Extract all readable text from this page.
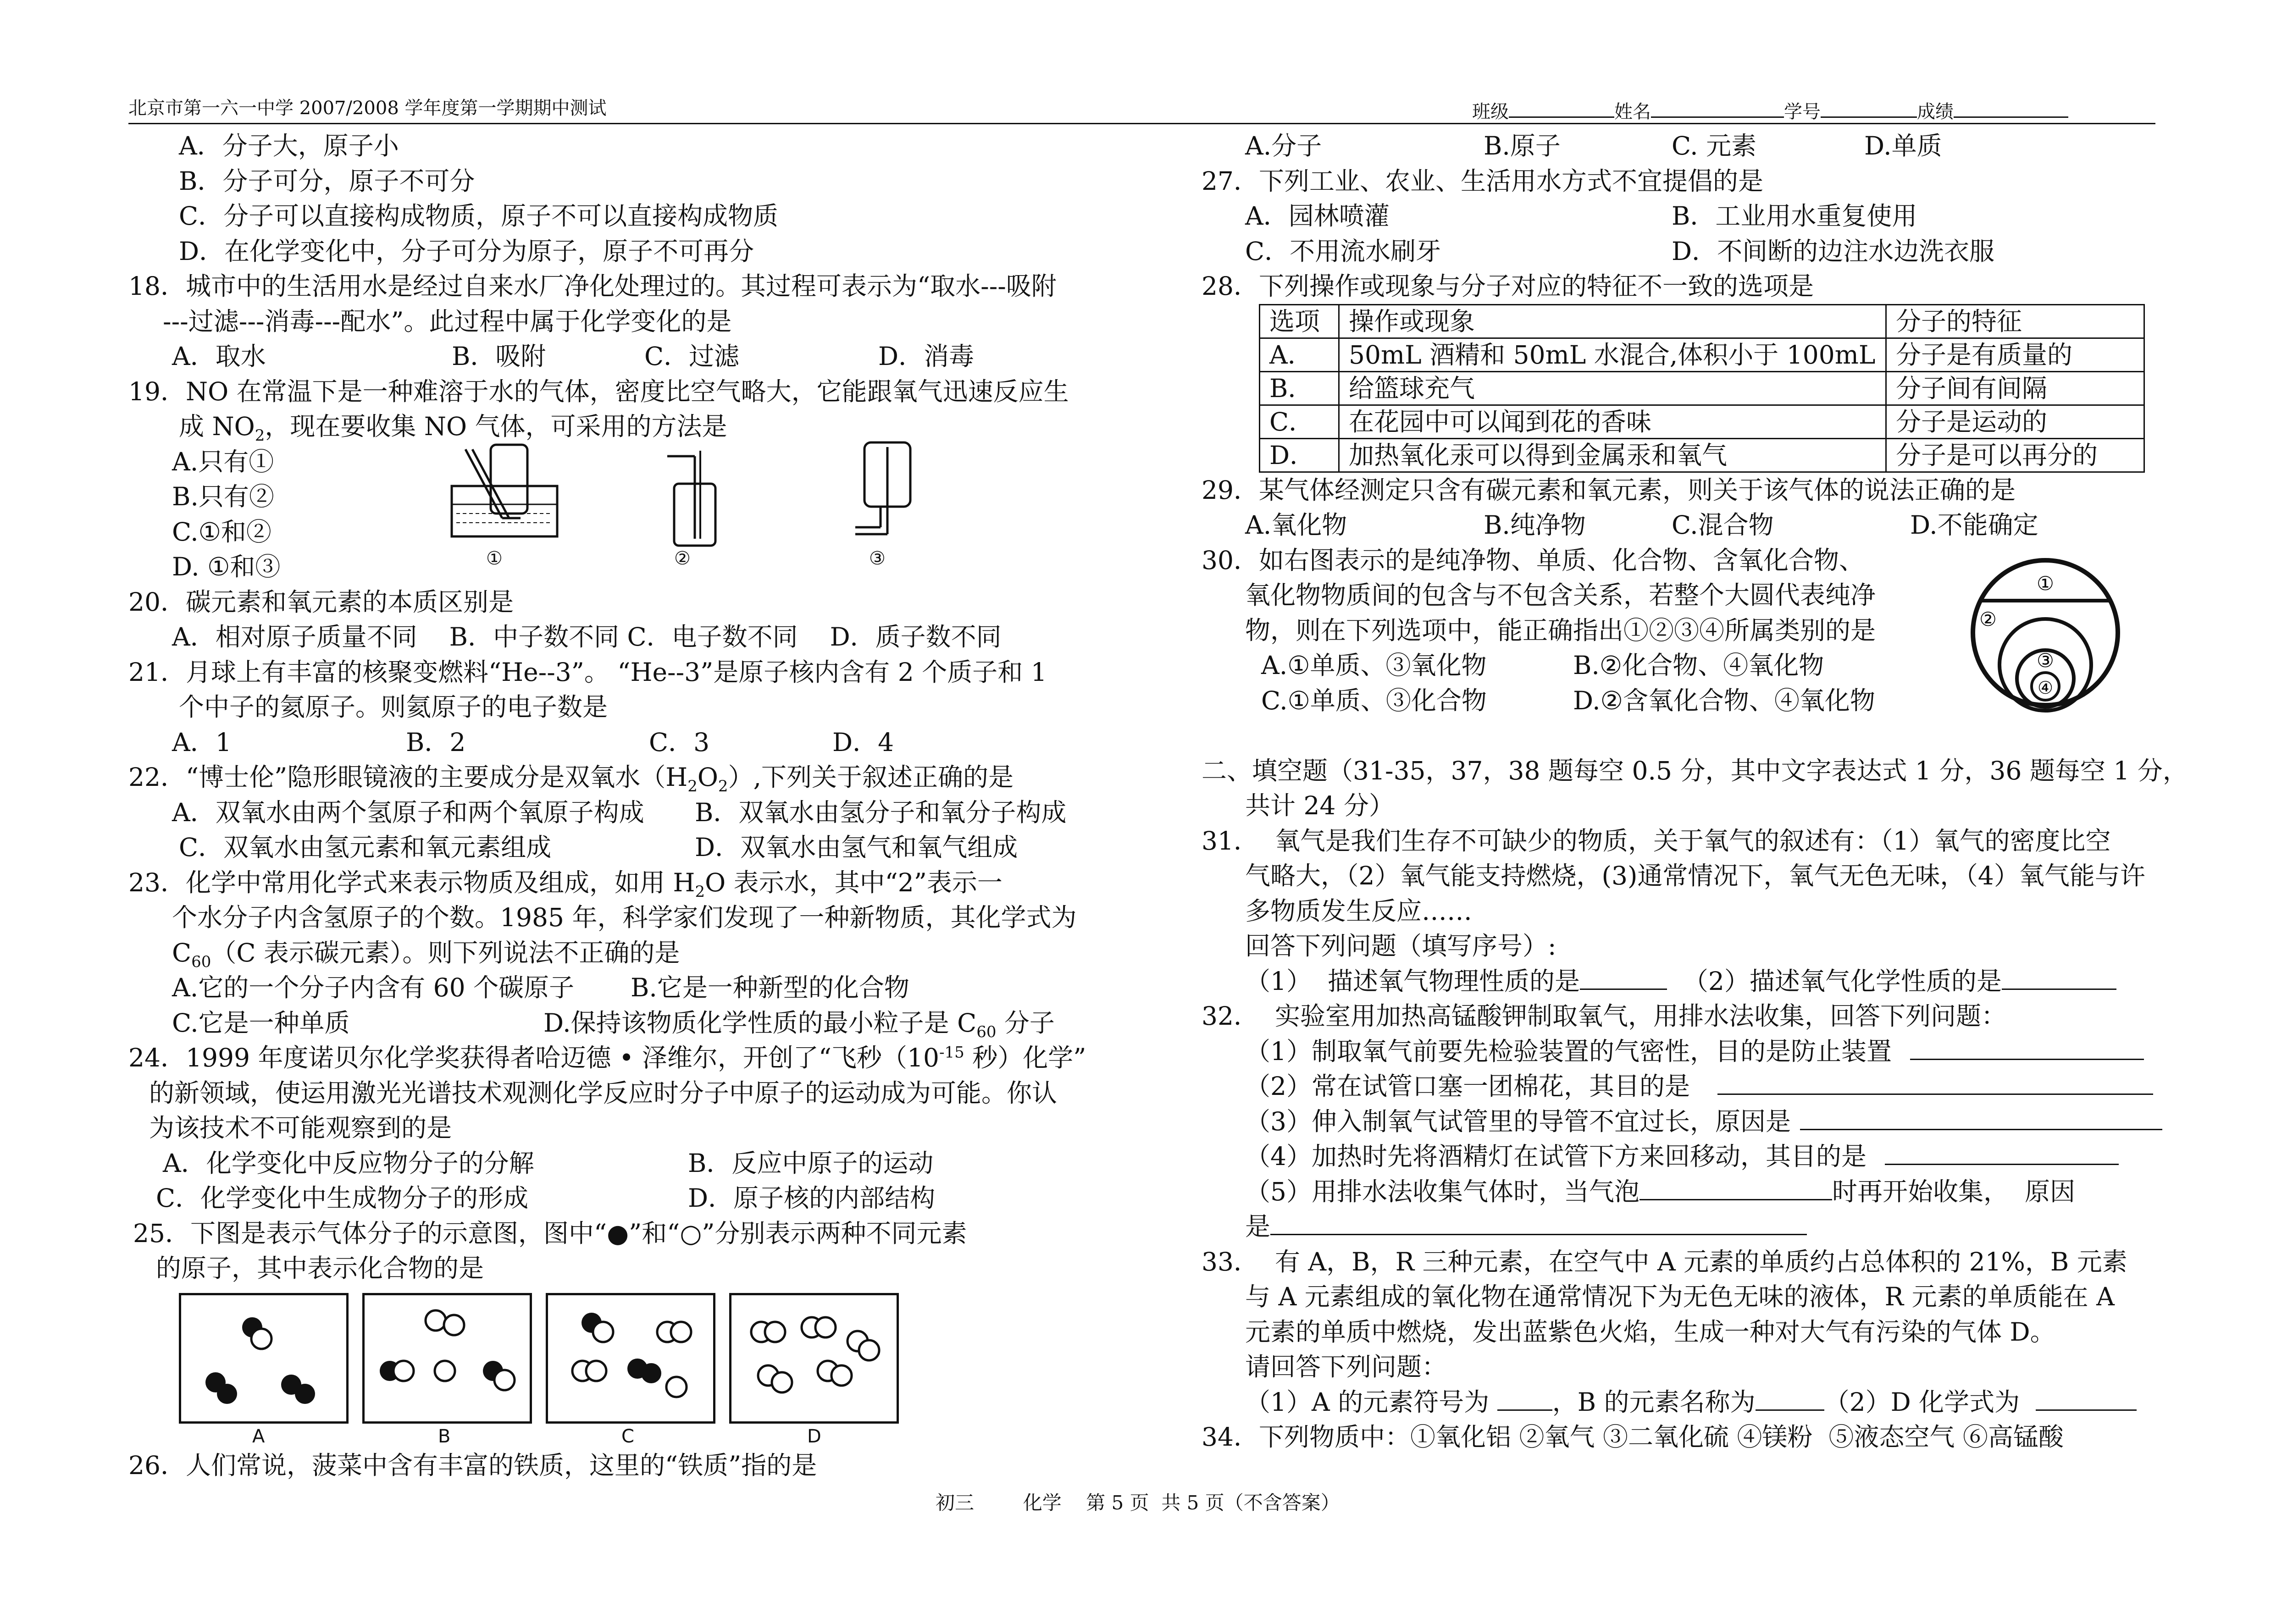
北京市第一六一中学 2007/2008 学年度第一学期期中测试	班级	姓名	学号	成绩
A．分子大，原子小
B．分子可分，原子不可分
C．分子可以直接构成物质，原子不可以直接构成物质
D．在化学变化中，分子可分为原子，原子不可再分
18．城市中的生活用水是经过自来水厂净化处理过的。其过程可表示为“取水---吸附
---过滤---消毒---配水”。此过程中属于化学变化的是
A．取水	B．吸附	C．过滤	D．消毒
19．NO 在常温下是一种难溶于水的气体，密度比空气略大，它能跟氧气迅速反应生
成 $NO_2$，现在要收集 NO 气体，可采用的方法是
A.只有①
B.只有②
C.①和②
D. ①和③
20．碳元素和氧元素的本质区别是
A．相对原子质量不同    B．中子数不同 C．电子数不同    D．质子数不同
21．月球上有丰富的核聚变燃料“He--3”。 “He--3”是原子核内含有 2 个质子和 1
个中子的氦原子。则氦原子的电子数是
A．1	B．2	C．3	D．4
22．“博士伦”隐形眼镜液的主要成分是双氧水$(H_2O_2)$,下列关于叙述正确的是
A．双氧水由两个氢原子和两个氧原子构成	B．双氧水由氢分子和氧分子构成
C．双氧水由氢元素和氧元素组成	D．双氧水由氢气和氧气组成
23．化学中常用化学式来表示物质及组成，如用 $H_2O$ 表示水，其中“2”表示一
个水分子内含氢原子的个数。1985 年，科学家们发现了一种新物质，其化学式为
$C_{60}(C$ 表示碳元素）。则下列说法不正确的是
A.它的一个分子内含有 60 个碳原子	B.它是一种新型的化合物
C.它是一种单质	D.保持该物质化学性质的最小粒子是 $C_{60}$ 分子
24．1999 年度诺贝尔化学奖获得者哈迈德 • 泽维尔，开创了“飞秒（$10^{-15}$ 秒）化学”
的新领域，使运用激光光谱技术观测化学反应时分子中原子的运动成为可能。你认
为该技术不可能观察到的是
A．化学变化中反应物分子的分解	B．反应中原子的运动
C．化学变化中生成物分子的形成	D．原子核的内部结构
25．下图是表示气体分子的示意图，图中“●”和“○”分别表示两种不同元素
的原子，其中表示化合物的是
①	②	③
A	B	C	D
26．人们常说，菠菜中含有丰富的铁质，这里的“铁质”指的是
A.分子	B.原子	C. 元素	D.单质
27．下列工业、农业、生活用水方式不宜提倡的是
A．园林喷灌	B．工业用水重复使用
C．不用流水刷牙	D．不间断的边注水边洗衣服
28．下列操作或现象与分子对应的特征不一致的选项是
选项	操作或现象	分子的特征
A．	50mL 酒精和 50mL 水混合,体积小于 100mL	分子是有质量的
B．	给篮球充气	分子间有间隔
C．	在花园中可以闻到花的香味	分子是运动的
D．	加热氧化汞可以得到金属汞和氧气	分子是可以再分的
29．某气体经测定只含有碳元素和氧元素，则关于该气体的说法正确的是
A.氧化物	B.纯净物	C.混合物	D.不能确定
30．如右图表示的是纯净物、单质、化合物、含氧化合物、
氧化物物质间的包含与不包含关系，若整个大圆代表纯净
物，则在下列选项中，能正确指出①②③④所属类别的是
A.①单质、③氧化物	B.②化合物、④氧化物
C.①单质、③化合物	D.②含氧化合物、④氧化物
二、填空题（31-35，37，38 题每空 0.5 分，其中文字表达式 1 分，36 题每空 1 分，
共计 24 分）
31．  氧气是我们生存不可缺少的物质，关于氧气的叙述有：（1）氧气的密度比空
气略大，（2）氧气能支持燃烧，(3)通常情况下，氧气无色无味，（4）氧气能与许
多物质发生反应……
回答下列问题（填写序号）:
（1）  描述氧气物理性质的是	（2）描述氧气化学性质的是
32．  实验室用加热高锰酸钾制取氧气，用排水法收集，回答下列问题：
（1）制取氧气前要先检验装置的气密性，目的是防止装置
（2）常在试管口塞一团棉花，其目的是
（3）伸入制氧气试管里的导管不宜过长，原因是
（4）加热时先将酒精灯在试管下方来回移动，其目的是
（5）用排水法收集气体时，当气泡	时再开始收集，  原因
是
33．  有 A，B，R 三种元素，在空气中 A 元素的单质约占总体积的 21%，B 元素
与 A 元素组成的氧化物在通常情况下为无色无味的液体，R 元素的单质能在 A
元素的单质中燃烧，发出蓝紫色火焰，生成一种对大气有污染的气体 D。
请回答下列问题：
（1）A 的元素符号为 ，B 的元素名称为	（2）D 化学式为
34．下列物质中：①氧化铝 ②氧气 ③二氧化硫 ④镁粉  ⑤液态空气 ⑥高锰酸
①
②
③
④
初三        化学    第 5 页  共 5 页（不含答案）
